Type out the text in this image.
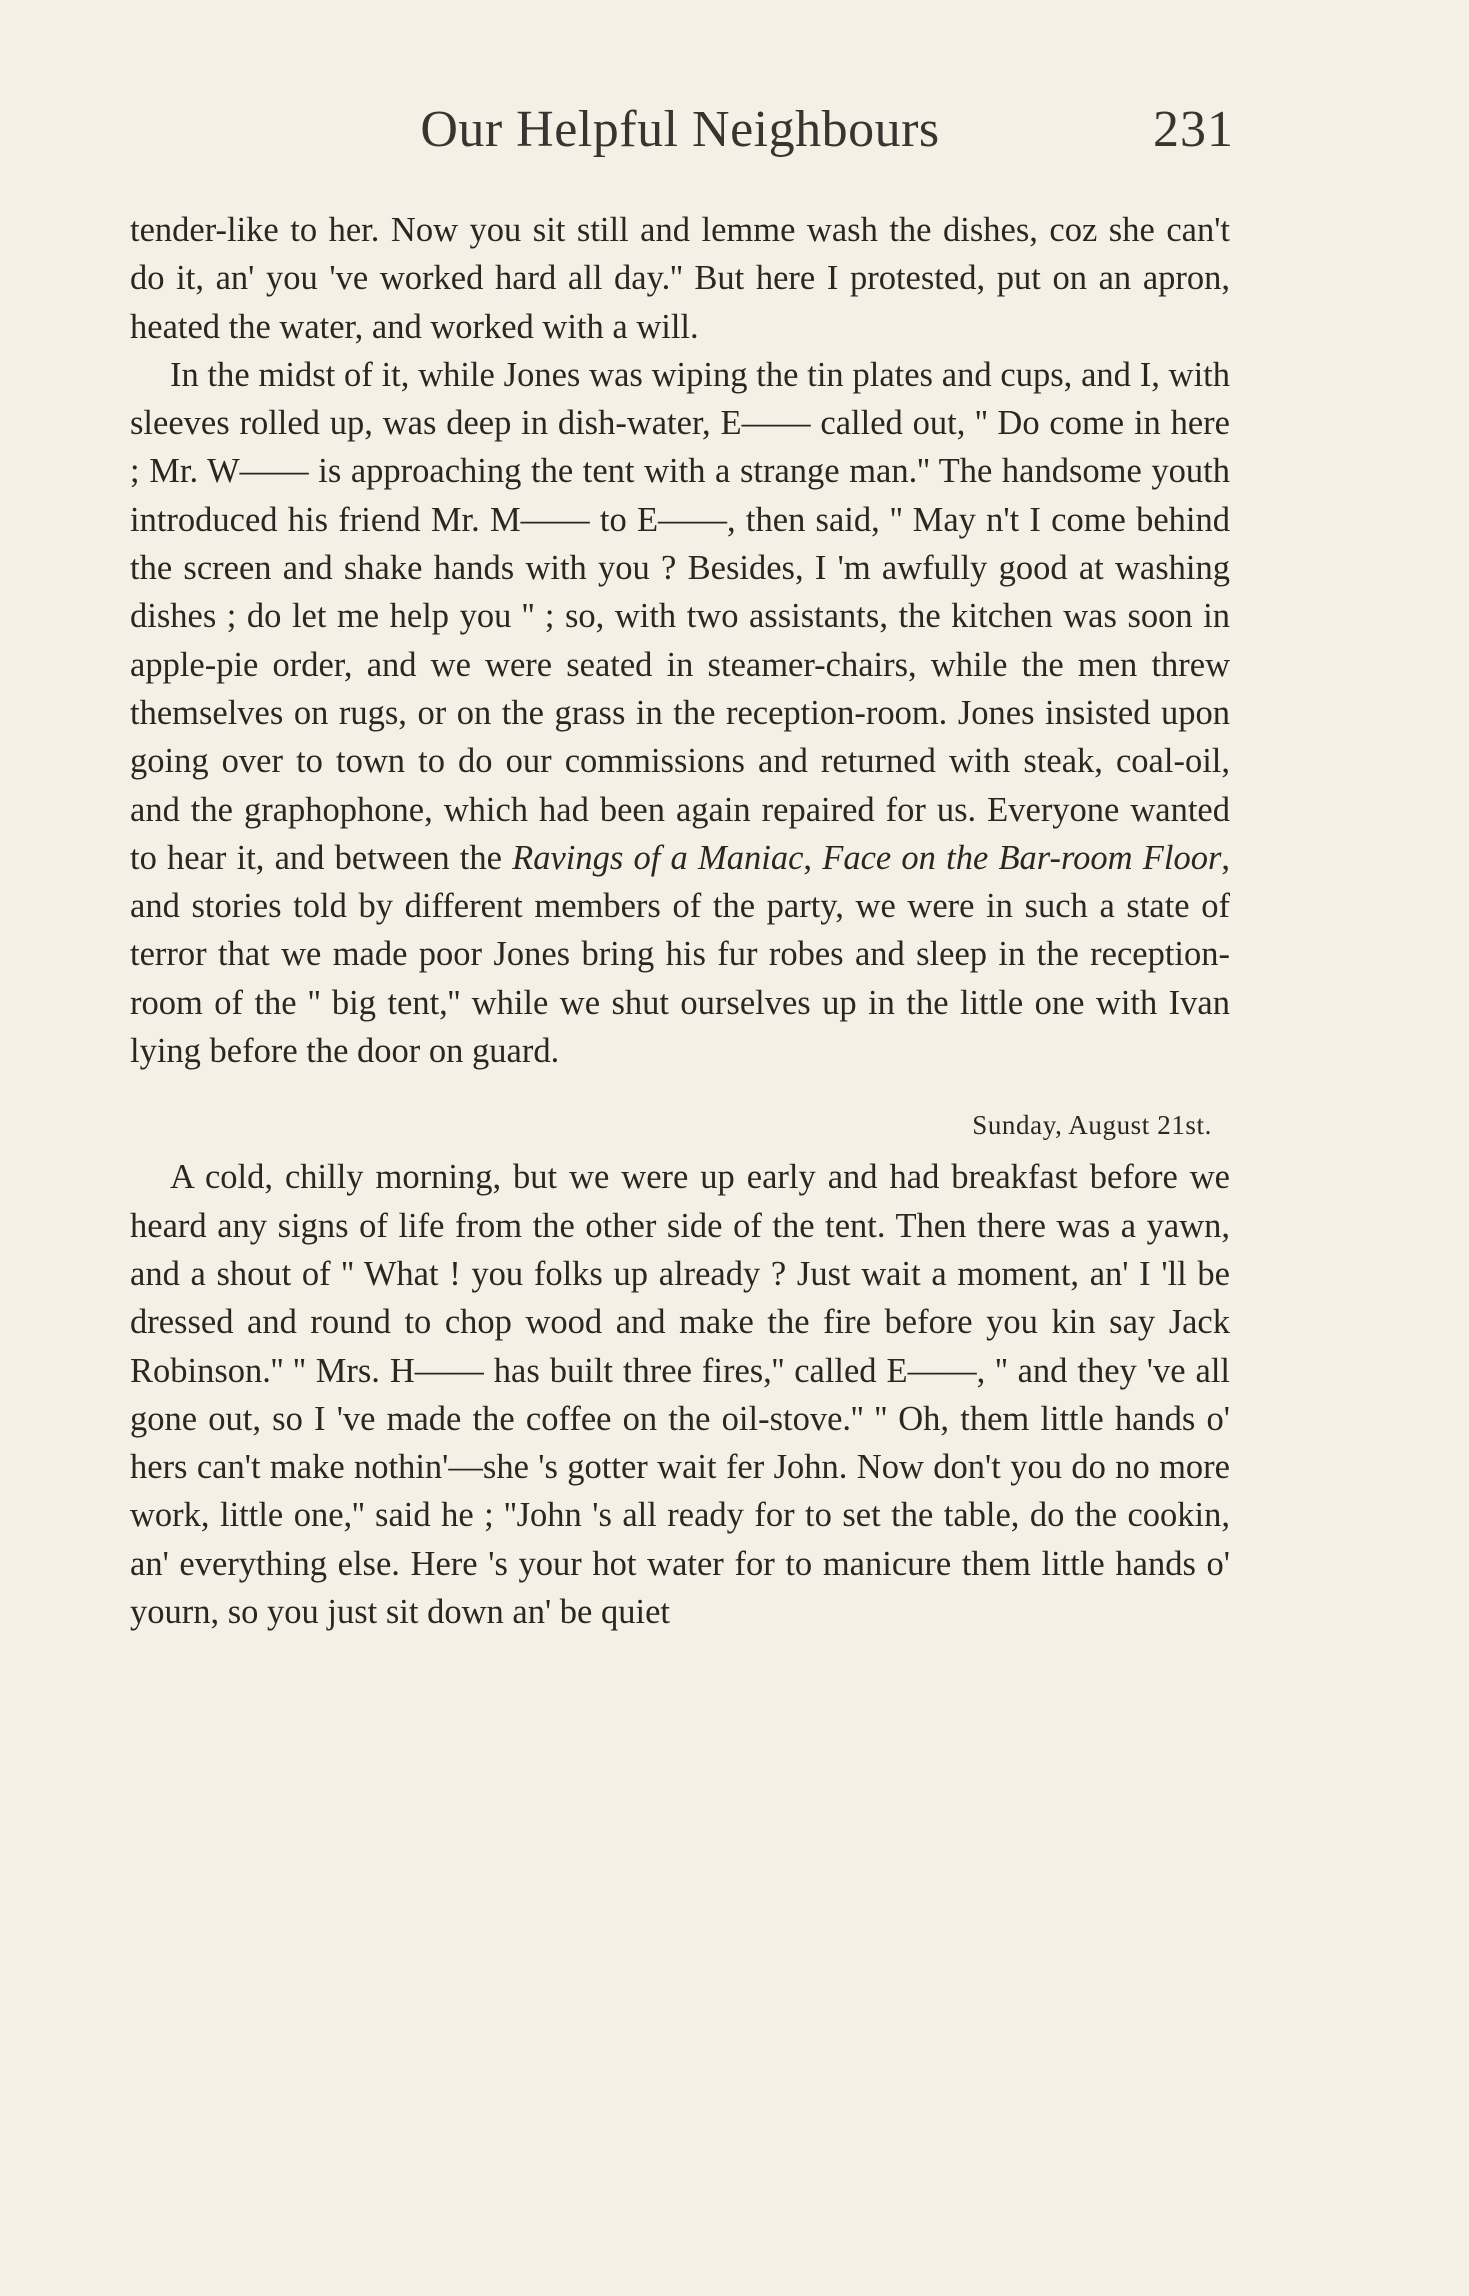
Our Helpful Neighbours	231

tender-like to her. Now you sit still and lemme wash the dishes, coz she can't do it, an' you 've worked hard all day.'' But here I protested, put on an apron, heated the water, and worked with a will.

In the midst of it, while Jones was wiping the tin plates and cups, and I, with sleeves rolled up, was deep in dish-water, E—— called out, '' Do come in here ; Mr. W—— is approaching the tent with a strange man.'' The handsome youth introduced his friend Mr. M—— to E——, then said, '' May n't I come behind the screen and shake hands with you ? Besides, I 'm awfully good at washing dishes ; do let me help you '' ; so, with two assistants, the kitchen was soon in apple-pie order, and we were seated in steamer-chairs, while the men threw themselves on rugs, or on the grass in the reception-room. Jones insisted upon going over to town to do our commissions and returned with steak, coal-oil, and the graphophone, which had been again repaired for us. Everyone wanted to hear it, and between the Ravings of a Maniac, Face on the Bar-room Floor, and stories told by different members of the party, we were in such a state of terror that we made poor Jones bring his fur robes and sleep in the reception-room of the '' big tent,'' while we shut ourselves up in the little one with Ivan lying before the door on guard.

Sunday, August 21st.

A cold, chilly morning, but we were up early and had breakfast before we heard any signs of life from the other side of the tent. Then there was a yawn, and a shout of '' What ! you folks up already ? Just wait a moment, an' I 'll be dressed and round to chop wood and make the fire before you kin say Jack Robinson.'' '' Mrs. H—— has built three fires,'' called E——, '' and they 've all gone out, so I 've made the coffee on the oil-stove.'' '' Oh, them little hands o' hers can't make nothin'—she 's gotter wait fer John. Now don't you do no more work, little one,'' said he ; ''John 's all ready for to set the table, do the cookin, an' everything else. Here 's your hot water for to manicure them little hands o' yourn, so you just sit down an' be quiet
